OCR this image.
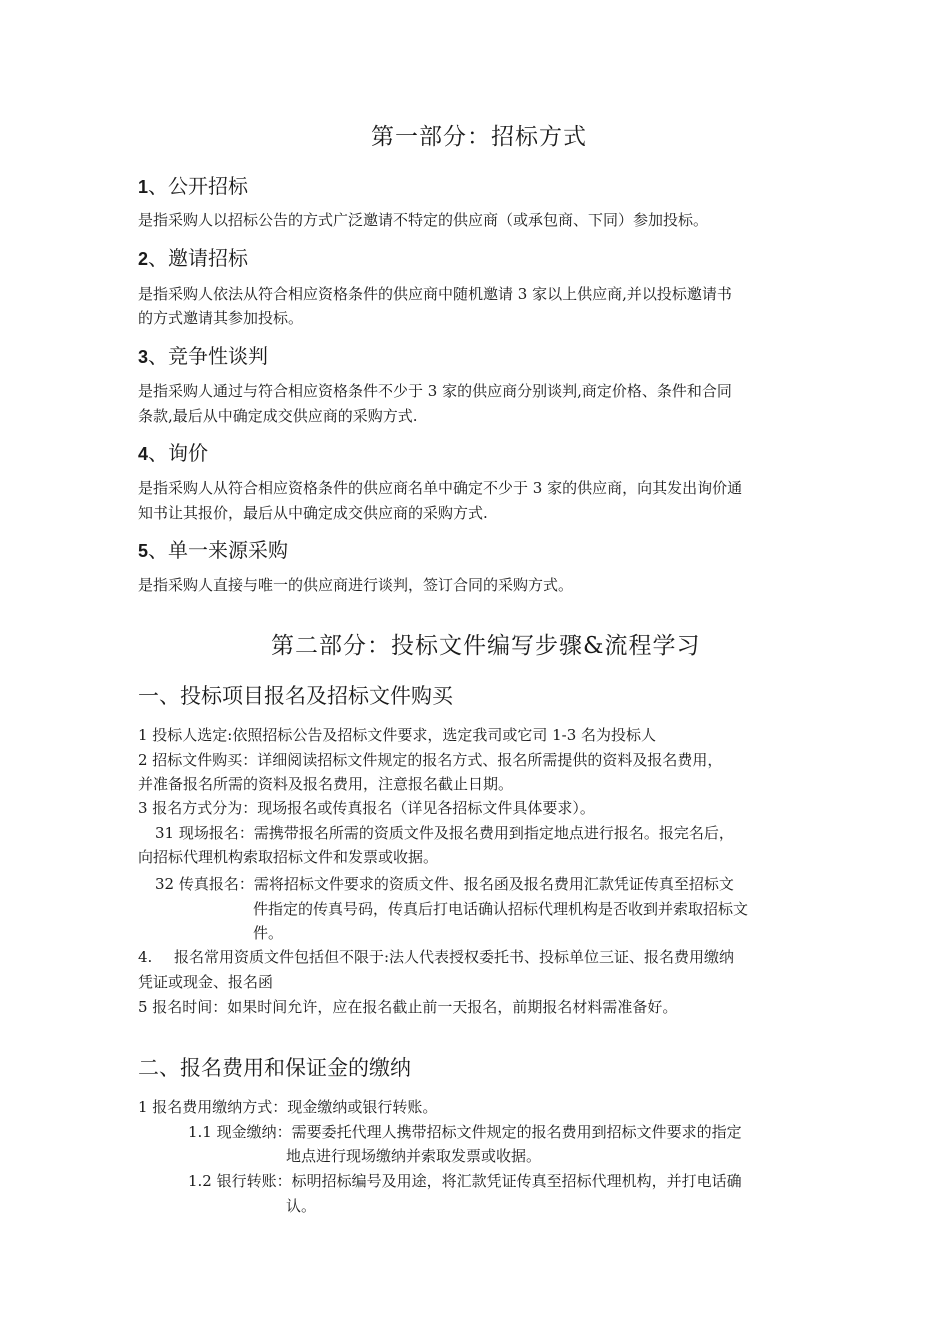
第一部分：招标方式
1、公开招标
是指采购人以招标公告的方式广泛邀请不特定的供应商（或承包商、下同）参加投标。
2、邀请招标
是指采购人依法从符合相应资格条件的供应商中随机邀请 3 家以上供应商,并以投标邀请书
的方式邀请其参加投标。
3、竞争性谈判
是指采购人通过与符合相应资格条件不少于 3 家的供应商分别谈判,商定价格、条件和合同
条款,最后从中确定成交供应商的采购方式.
4、询价
是指采购人从符合相应资格条件的供应商名单中确定不少于 3 家的供应商，向其发出询价通
知书让其报价，最后从中确定成交供应商的采购方式.
5、单一来源采购
是指采购人直接与唯一的供应商进行谈判，签订合同的采购方式。
第二部分：投标文件编写步骤&流程学习
一、投标项目报名及招标文件购买
1 投标人选定:依照招标公告及招标文件要求，选定我司或它司 1-3 名为投标人
2 招标文件购买：详细阅读招标文件规定的报名方式、报名所需提供的资料及报名费用，
并准备报名所需的资料及报名费用，注意报名截止日期。
3 报名方式分为：现场报名或传真报名（详见各招标文件具体要求）。
31 现场报名：需携带报名所需的资质文件及报名费用到指定地点进行报名。报完名后，
向招标代理机构索取招标文件和发票或收据。
32 传真报名：需将招标文件要求的资质文件、报名函及报名费用汇款凭证传真至招标文
件指定的传真号码，传真后打电话确认招标代理机构是否收到并索取招标文
件。
4. 报名常用资质文件包括但不限于:法人代表授权委托书、投标单位三证、报名费用缴纳
凭证或现金、报名函
5 报名时间：如果时间允许，应在报名截止前一天报名，前期报名材料需准备好。
二、报名费用和保证金的缴纳
1 报名费用缴纳方式：现金缴纳或银行转账。
1.1 现金缴纳：需要委托代理人携带招标文件规定的报名费用到招标文件要求的指定
地点进行现场缴纳并索取发票或收据。
1.2 银行转账：标明招标编号及用途，将汇款凭证传真至招标代理机构，并打电话确
认。
